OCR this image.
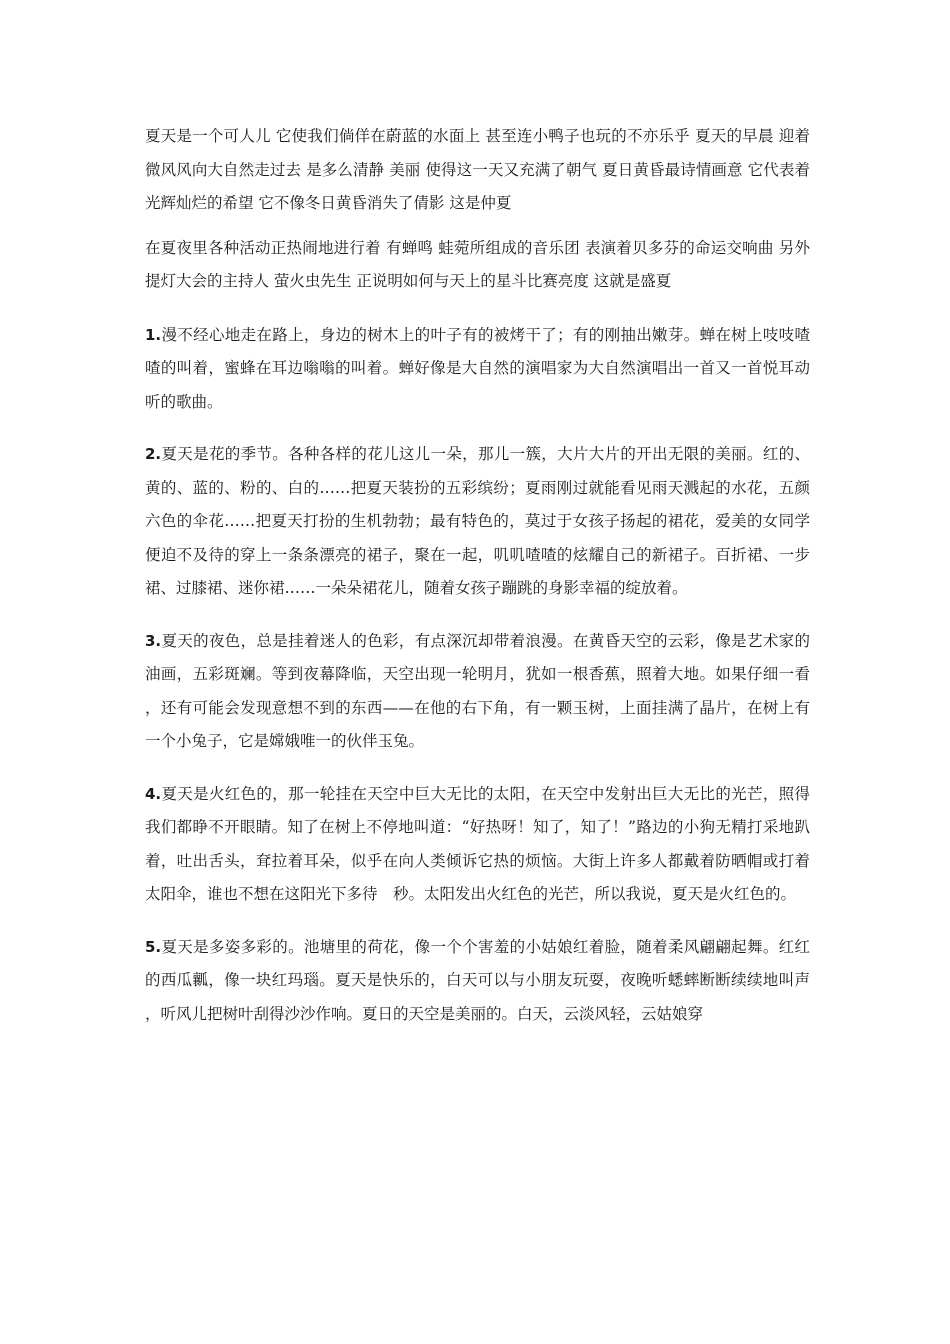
夏天是一个可人儿 它使我们倘佯在蔚蓝的水面上 甚至连小鸭子也玩的不亦乐乎 夏天的早晨 迎着微风风向大自然走过去 是多么清静 美丽 使得这一天又充满了朝气 夏日黄昏最诗情画意 它代表着光辉灿烂的希望 它不像冬日黄昏消失了倩影 这是仲夏

在夏夜里各种活动正热闹地进行着 有蝉鸣 蛙菀所组成的音乐团 表演着贝多芬的命运交响曲 另外提灯大会的主持人 萤火虫先生 正说明如何与天上的星斗比赛亮度 这就是盛夏

1.漫不经心地走在路上，身边的树木上的叶子有的被烤干了；有的刚抽出嫩芽。蝉在树上吱吱喳喳的叫着，蜜蜂在耳边嗡嗡的叫着。蝉好像是大自然的演唱家为大自然演唱出一首又一首悦耳动听的歌曲。

2.夏天是花的季节。各种各样的花儿这儿一朵，那儿一簇，大片大片的开出无限的美丽。红的、黄的、蓝的、粉的、白的……把夏天装扮的五彩缤纷；夏雨刚过就能看见雨天溅起的水花，五颜六色的伞花……把夏天打扮的生机勃勃；最有特色的，莫过于女孩子扬起的裙花，爱美的女同学便迫不及待的穿上一条条漂亮的裙子，聚在一起，叽叽喳喳的炫耀自己的新裙子。百折裙、一步裙、过膝裙、迷你裙……一朵朵裙花儿，随着女孩子蹦跳的身影幸福的绽放着。

3.夏天的夜色，总是挂着迷人的色彩，有点深沉却带着浪漫。在黄昏天空的云彩，像是艺术家的油画，五彩斑斓。等到夜幕降临，天空出现一轮明月，犹如一根香蕉，照着大地。如果仔细一看，还有可能会发现意想不到的东西——在他的右下角，有一颗玉树，上面挂满了晶片，在树上有一个小兔子，它是嫦娥唯一的伙伴玉兔。

4.夏天是火红色的，那一轮挂在天空中巨大无比的太阳，在天空中发射出巨大无比的光芒，照得我们都睁不开眼睛。知了在树上不停地叫道：“好热呀！知了，知了！”路边的小狗无精打采地趴着，吐出舌头，耷拉着耳朵，似乎在向人类倾诉它热的烦恼。大街上许多人都戴着防晒帽或打着太阳伞，谁也不想在这阳光下多待　秒。太阳发出火红色的光芒，所以我说，夏天是火红色的。

5.夏天是多姿多彩的。池塘里的荷花，像一个个害羞的小姑娘红着脸，随着柔风翩翩起舞。红红的西瓜瓤，像一块红玛瑙。夏天是快乐的，白天可以与小朋友玩耍，夜晚听蟋蟀断断续续地叫声，听风儿把树叶刮得沙沙作响。夏日的天空是美丽的。白天，云淡风轻，云姑娘穿
